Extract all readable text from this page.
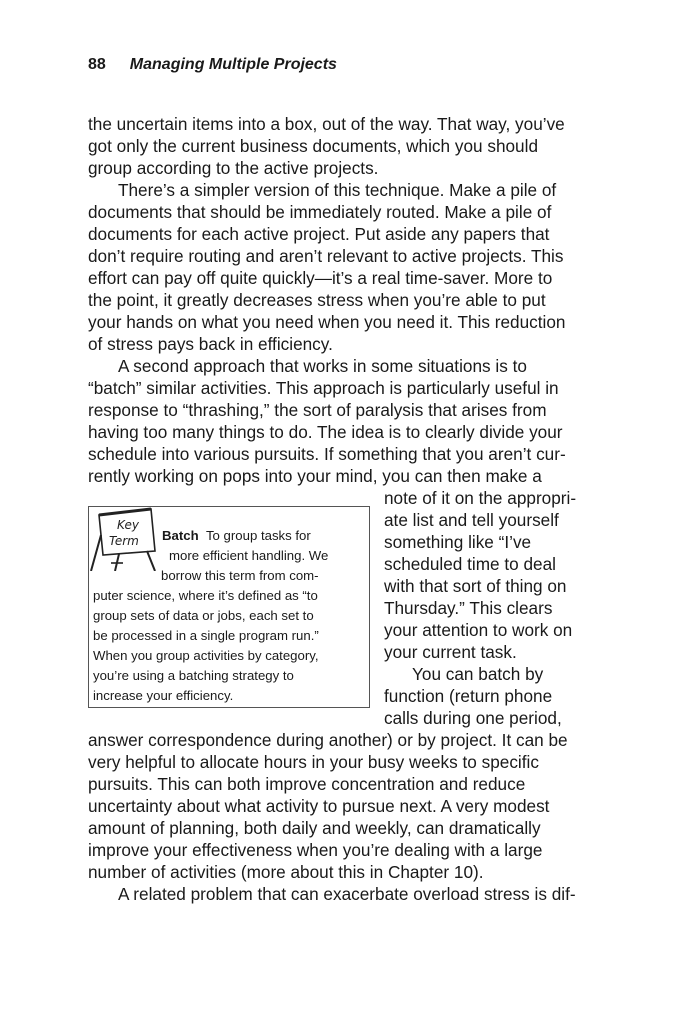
88 Managing Multiple Projects
the uncertain items into a box, out of the way. That way, you’ve
got only the current business documents, which you should
group according to the active projects.
There’s a simpler version of this technique. Make a pile of
documents that should be immediately routed. Make a pile of
documents for each active project. Put aside any papers that
don’t require routing and aren’t relevant to active projects. This
effort can pay off quite quickly—it’s a real time-saver. More to
the point, it greatly decreases stress when you’re able to put
your hands on what you need when you need it. This reduction
of stress pays back in efficiency.
A second approach that works in some situations is to
“batch” similar activities. This approach is particularly useful in
response to “thrashing,” the sort of paralysis that arises from
having too many things to do. The idea is to clearly divide your
schedule into various pursuits. If something that you aren’t cur-
rently working on pops into your mind, you can then make a
note of it on the appropri-
ate list and tell yourself
something like “I’ve
scheduled time to deal
with that sort of thing on
Thursday.” This clears
your attention to work on
your current task.
You can batch by
function (return phone
calls during one period,
answer correspondence during another) or by project. It can be
very helpful to allocate hours in your busy weeks to specific
pursuits. This can both improve concentration and reduce
uncertainty about what activity to pursue next. A very modest
amount of planning, both daily and weekly, can dramatically
improve your effectiveness when you’re dealing with a large
number of activities (more about this in Chapter 10).
A related problem that can exacerbate overload stress is dif-
Key
Term Batch To group tasks for
more efficient handling. We
borrow this term from com-
puter science, where it’s defined as “to
group sets of data or jobs, each set to
be processed in a single program run.”
When you group activities by category,
you’re using a batching strategy to
increase your efficiency.
